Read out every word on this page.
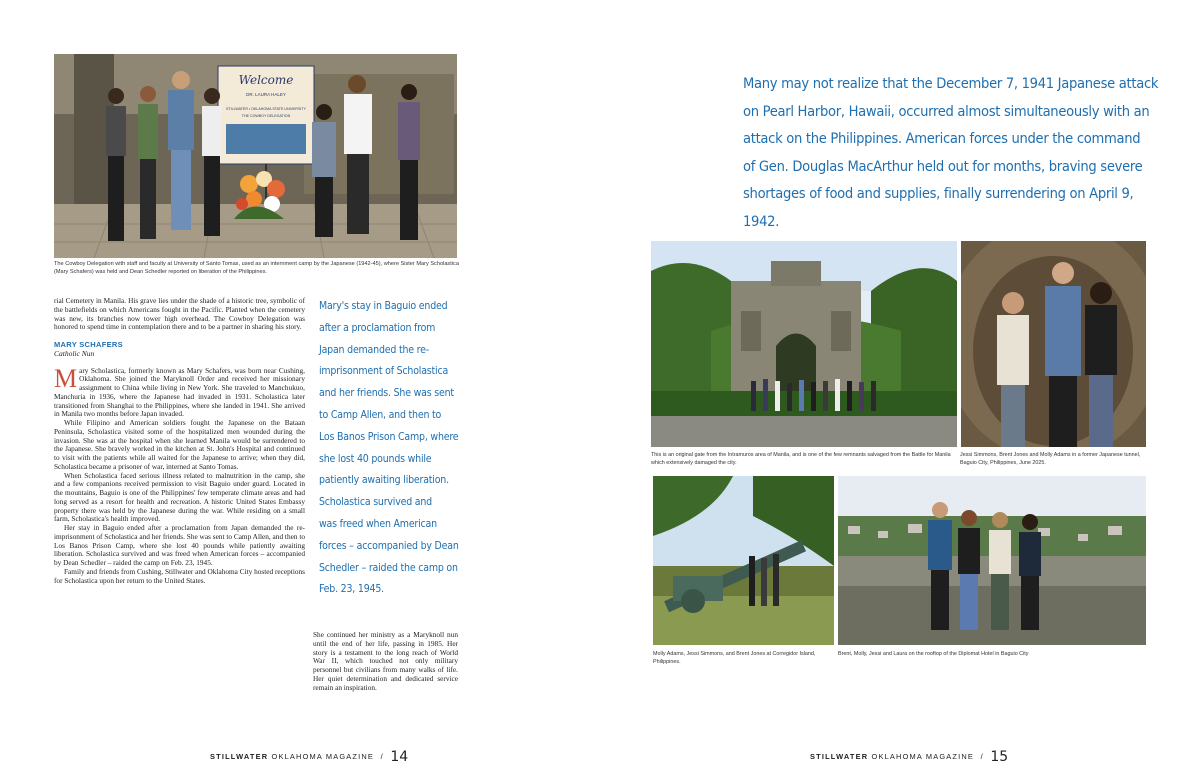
Welcome
DR. LAURA HALEY
STILLWATER • OKLAHOMA STATE UNIVERSITY
THE COWBOY DELEGATION
The Cowboy Delegation with staff and faculty at University of Santo Tomas, used as an internment camp by the Japanese (1942-45), where Sister Mary Scholastica (Mary Schafers) was held and Dean Schedler reported on liberation of the Philippines.

rial Cemetery in Manila. His grave lies under the shade of a historic tree, symbolic of the battlefields on which Americans fought in the Pacific. Planted when the cemetery was new, its branches now tower high overhead. The Cowboy Delegation was honored to spend time in contemplation there and to be a partner in sharing his story.

MARY SCHAFERS
Catholic Nun

Mary Scholastica, formerly known as Mary Schafers, was born near Cushing, Oklahoma. She joined the Maryknoll Order and received her missionary assignment to China while living in New York. She traveled to Manchukuo, Manchuria in 1936, where the Japanese had invaded in 1931. Scholastica later transitioned from Shanghai to the Philippines, where she landed in 1941. She arrived in Manila two months before Japan invaded.

While Filipino and American soldiers fought the Japanese on the Bataan Peninsula, Scholastica visited some of the hospitalized men wounded during the invasion. She was at the hospital when she learned Manila would be surrendered to the Japanese. She bravely worked in the kitchen at St. John's Hospital and continued to visit with the patients while all waited for the Japanese to arrive; when they did, Scholastica became a prisoner of war, interned at Santo Tomas.

When Scholastica faced serious illness related to malnutrition in the camp, she and a few companions received permission to visit Baguio under guard. Located in the mountains, Baguio is one of the Philippines' few temperate climate areas and had long served as a resort for health and recreation. A historic United States Embassy property there was held by the Japanese during the war. While residing on a small farm, Scholastica's health improved.

Her stay in Baguio ended after a proclamation from Japan demanded the re-imprisonment of Scholastica and her friends. She was sent to Camp Allen, and then to Los Banos Prison Camp, where she lost 40 pounds while patiently awaiting liberation. Scholastica survived and was freed when American forces – accompanied by Dean Schedler – raided the camp on Feb. 23, 1945.

Family and friends from Cushing, Stillwater and Oklahoma City hosted receptions for Scholastica upon her return to the United States.

Mary's stay in Baguio ended
after a proclamation from
Japan demanded the re-
imprisonment of Scholastica
and her friends. She was sent
to Camp Allen, and then to
Los Banos Prison Camp, where
she lost 40 pounds while
patiently awaiting liberation.
Scholastica survived and
was freed when American
forces – accompanied by Dean
Schedler – raided the camp on
Feb. 23, 1945.

She continued her ministry as a Maryknoll nun until the end of her life, passing in 1985. Her story is a testament to the long reach of World War II, which touched not only military personnel but civilians from many walks of life. Her quiet determination and dedicated service remain an inspiration.

STILLWATER OKLAHOMA MAGAZINE / 14
Many may not realize that the December 7, 1941 Japanese attack
on Pearl Harbor, Hawaii, occurred almost simultaneously with an
attack on the Philippines. American forces under the command
of Gen. Douglas MacArthur held out for months, braving severe
shortages of food and supplies, finally surrendering on April 9, 1942.
This is an original gate from the Intramuros area of Manila, and is one of the few remnants salvaged from the Battle for Manila which extensively damaged the city.
Jessi Simmons, Brent Jones and Molly Adams in a former Japanese tunnel, Baguio City, Philippines, June 2025.
Molly Adams, Jessi Simmons, and Brent Jones at Corregidor Island, Philippines.
Brent, Molly, Jessi and Laura on the rooftop of the Diplomat Hotel in Baguio City
STILLWATER OKLAHOMA MAGAZINE / 15
